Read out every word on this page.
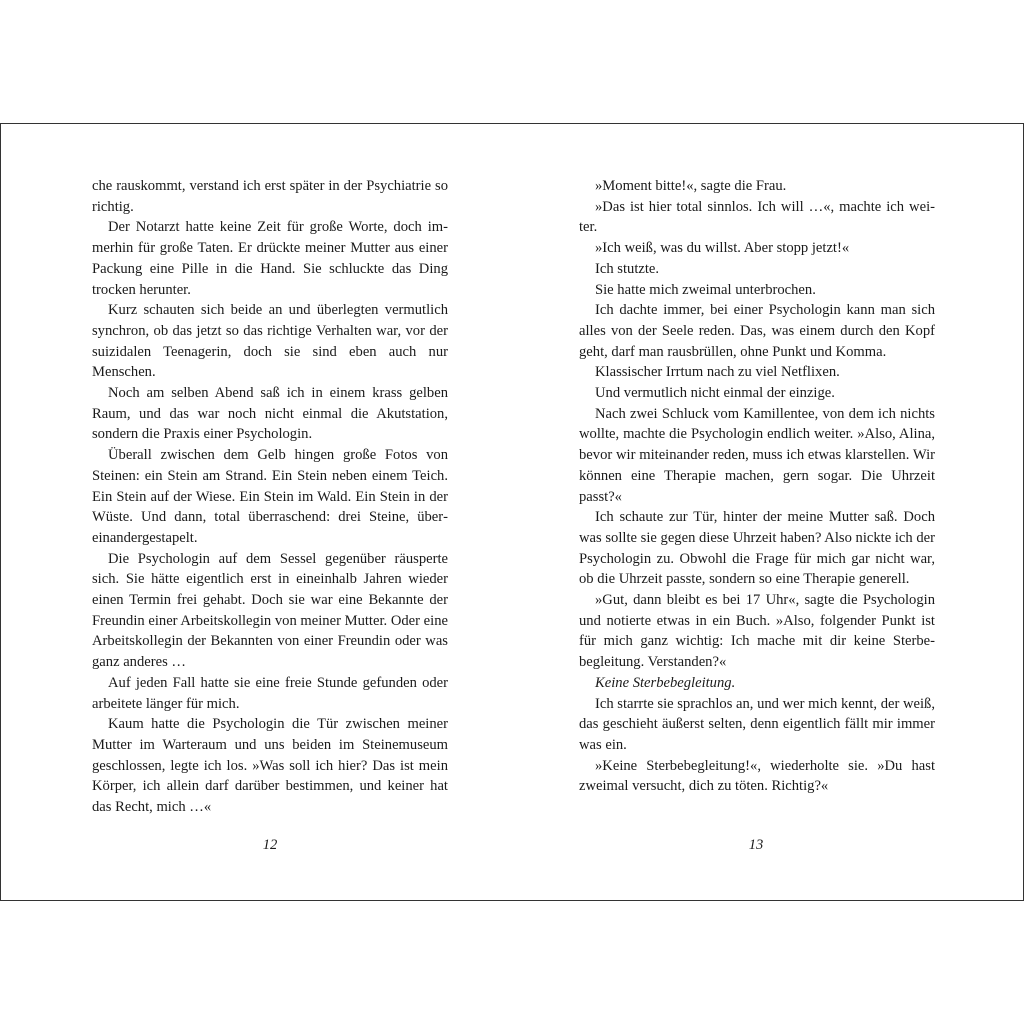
che rauskommt, verstand ich erst später in der Psychiatrie so richtig.

Der Notarzt hatte keine Zeit für große Worte, doch immerhin für große Taten. Er drückte meiner Mutter aus einer Packung eine Pille in die Hand. Sie schluckte das Ding trocken herunter.

Kurz schauten sich beide an und überlegten vermutlich synchron, ob das jetzt so das richtige Verhalten war, vor der suizidalen Teenagerin, doch sie sind eben auch nur Menschen.

Noch am selben Abend saß ich in einem krass gelben Raum, und das war noch nicht einmal die Akutstation, sondern die Praxis einer Psychologin.

Überall zwischen dem Gelb hingen große Fotos von Steinen: ein Stein am Strand. Ein Stein neben einem Teich. Ein Stein auf der Wiese. Ein Stein im Wald. Ein Stein in der Wüste. Und dann, total überraschend: drei Steine, übereinandergestapelt.

Die Psychologin auf dem Sessel gegenüber räusperte sich. Sie hätte eigentlich erst in eineinhalb Jahren wieder einen Termin frei gehabt. Doch sie war eine Bekannte der Freundin einer Arbeitskollegin von meiner Mutter. Oder eine Arbeitskollegin der Bekannten von einer Freundin oder was ganz anderes …

Auf jeden Fall hatte sie eine freie Stunde gefunden oder arbeitete länger für mich.

Kaum hatte die Psychologin die Tür zwischen meiner Mutter im Warteraum und uns beiden im Steinemuseum geschlossen, legte ich los. »Was soll ich hier? Das ist mein Körper, ich allein darf darüber bestimmen, und keiner hat das Recht, mich …«

12

»Moment bitte!«, sagte die Frau.

»Das ist hier total sinnlos. Ich will …«, machte ich weiter.

»Ich weiß, was du willst. Aber stopp jetzt!«

Ich stutzte.

Sie hatte mich zweimal unterbrochen.

Ich dachte immer, bei einer Psychologin kann man sich alles von der Seele reden. Das, was einem durch den Kopf geht, darf man rausbrüllen, ohne Punkt und Komma.

Klassischer Irrtum nach zu viel Netflixen.

Und vermutlich nicht einmal der einzige.

Nach zwei Schluck vom Kamillentee, von dem ich nichts wollte, machte die Psychologin endlich weiter. »Also, Alina, bevor wir miteinander reden, muss ich etwas klarstellen. Wir können eine Therapie machen, gern sogar. Die Uhrzeit passt?«

Ich schaute zur Tür, hinter der meine Mutter saß. Doch was sollte sie gegen diese Uhrzeit haben? Also nickte ich der Psychologin zu. Obwohl die Frage für mich gar nicht war, ob die Uhrzeit passte, sondern so eine Therapie generell.

»Gut, dann bleibt es bei 17 Uhr«, sagte die Psychologin und notierte etwas in ein Buch. »Also, folgender Punkt ist für mich ganz wichtig: Ich mache mit dir keine Sterbebegleitung. Verstanden?«

Keine Sterbebegleitung.

Ich starrte sie sprachlos an, und wer mich kennt, der weiß, das geschieht äußerst selten, denn eigentlich fällt mir immer was ein.

»Keine Sterbebegleitung!«, wiederholte sie. »Du hast zweimal versucht, dich zu töten. Richtig?«

13
